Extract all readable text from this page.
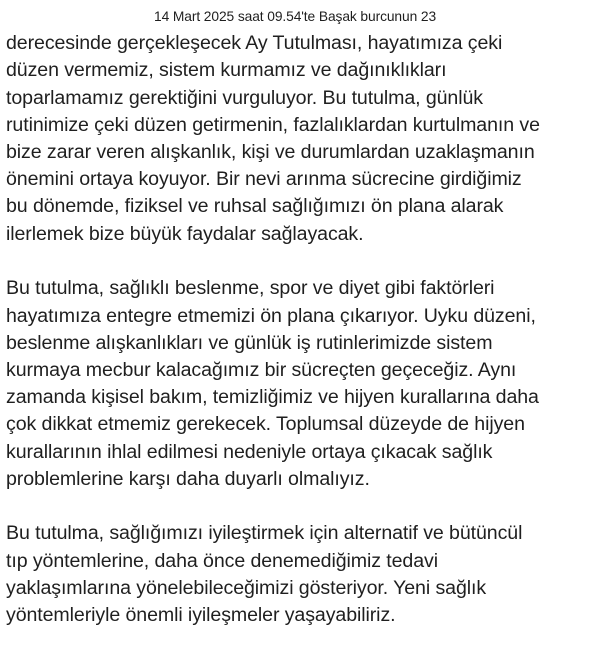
14 Mart 2025 saat 09.54'te Başak burcunun 23
derecesinde gerçekleşecek Ay Tutulması, hayatımıza çeki
düzen vermemiz, sistem kurmamız ve dağınıklıkları
toparlamamız gerektiğini vurguluyor. Bu tutulma, günlük
rutinimize çeki düzen getirmenin, fazlalıklardan kurtulmanın ve
bize zarar veren alışkanlık, kişi ve durumlardan uzaklaşmanın
önemini ortaya koyuyor. Bir nevi arınma sücrecine girdiğimiz
bu dönemde, fiziksel ve ruhsal sağlığımızı ön plana alarak
ilerlemek bize büyük faydalar sağlayacak.
Bu tutulma, sağlıklı beslenme, spor ve diyet gibi faktörleri
hayatımıza entegre etmemizi ön plana çıkarıyor. Uyku düzeni,
beslenme alışkanlıkları ve günlük iş rutinlerimizde sistem
kurmaya mecbur kalacağımız bir sücreçten geçeceğiz. Aynı
zamanda kişisel bakım, temizliğimiz ve hijyen kurallarına daha
çok dikkat etmemiz gerekecek. Toplumsal düzeyde de hijyen
kurallarının ihlal edilmesi nedeniyle ortaya çıkacak sağlık
problemlerine karşı daha duyarlı olmalıyız.
Bu tutulma, sağlığımızı iyileştirmek için alternatif ve bütüncül
tıp yöntemlerine, daha önce denemediğimiz tedavi
yaklaşımlarına yönelebileceğimizi gösteriyor. Yeni sağlık
yöntemleriyle önemli iyileşmeler yaşayabiliriz.
